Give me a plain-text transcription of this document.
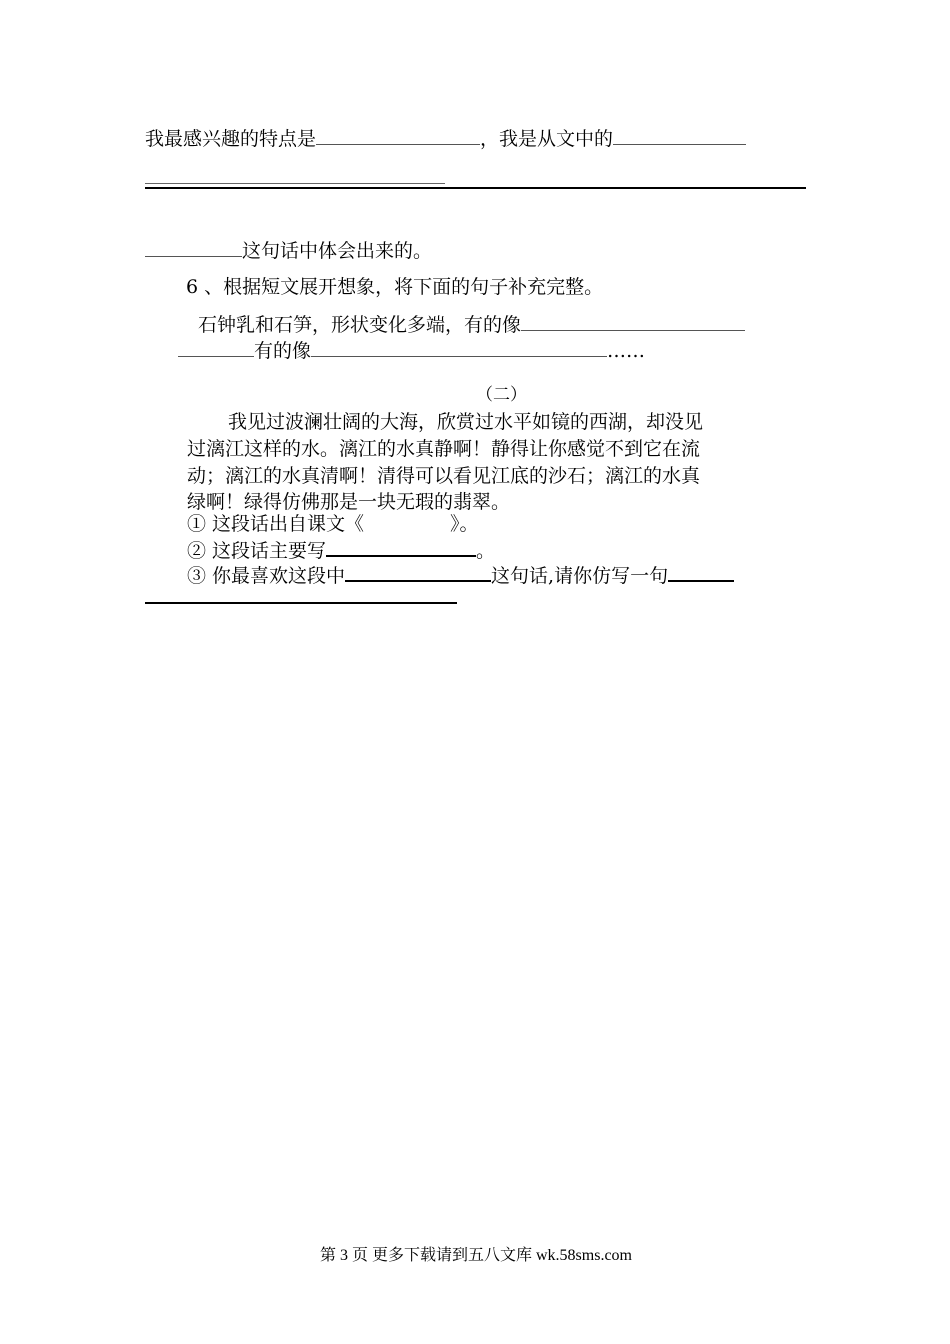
我最感兴趣的特点是	，我是从文中的
这句话中体会出来的。
6 、根据短文展开想象，将下面的句子补充完整。
石钟乳和石笋，形状变化多端，有的像
有的像	……
（二）
我见过波澜壮阔的大海，欣赏过水平如镜的西湖，却没见
过漓江这样的水。漓江的水真静啊！静得让你感觉不到它在流
动；漓江的水真清啊！清得可以看见江底的沙石；漓江的水真
绿啊！绿得仿佛那是一块无瑕的翡翠。
① 这段话出自课文《	》。
② 这段话主要写	。
③ 你最喜欢这段中	这句话,请你仿写一句
第 3 页 更多下载请到五八文库 wk.58sms.com
